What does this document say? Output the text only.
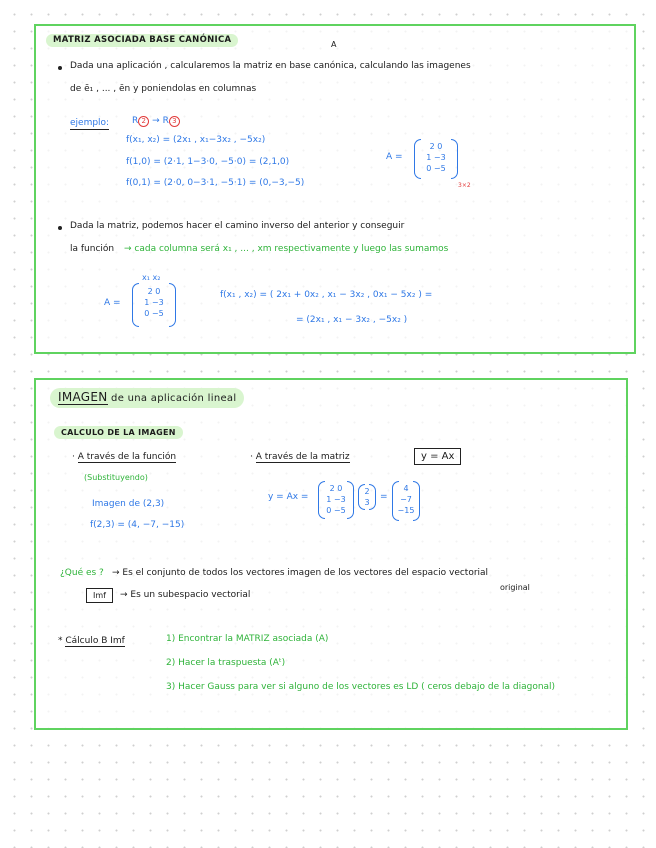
MATRIZ ASOCIADA BASE CANÓNICA	A
Dada una aplicación , calcularemos la matriz en base canónica, calculando las imagenes
de ē₁ , ... , ēn y poniendolas en columnas
ejemplo:	R 2 → R 3
f(x₁, x₂) = (2x₁ , x₁−3x₂ , −5x₂)
f(1,0) = (2·1, 1−3·0, −5·0) = (2,1,0)
f(0,1) = (2·0, 0−3·1, −5·1) = (0,−3,−5)
A =
2 0
1 −3
0 −5
3×2
Dada la matriz, podemos hacer el camino inverso del anterior y conseguir
la función → cada columna será x₁ , ... , xm respectivamente y luego las sumamos
x₁ x₂
A =
2 0
1 −3
0 −5
f(x₁ , x₂) = ( 2x₁ + 0x₂ , x₁ − 3x₂ , 0x₁ − 5x₂ ) =
= (2x₁ , x₁ − 3x₂ , −5x₂ )
IMAGEN de una aplicación lineal
CALCULO DE LA IMAGEN
· A través de la función
(Substituyendo)
Imagen de (2,3)
f(2,3) = (4, −7, −15)
· A través de la matriz	y = Ax
y = Ax =
2 0
1 −3
0 −5
2
3
=
4
−7
−15
¿Qué es ? → Es el conjunto de todos los vectores imagen de los vectores del espacio vectorial
original
Imf	→ Es un subespacio vectorial
* Cálculo B Imf	1) Encontrar la MATRIZ asociada (A)
2) Hacer la traspuesta (Aᵗ)
3) Hacer Gauss para ver si alguno de los vectores es LD ( ceros debajo de la diagonal)
